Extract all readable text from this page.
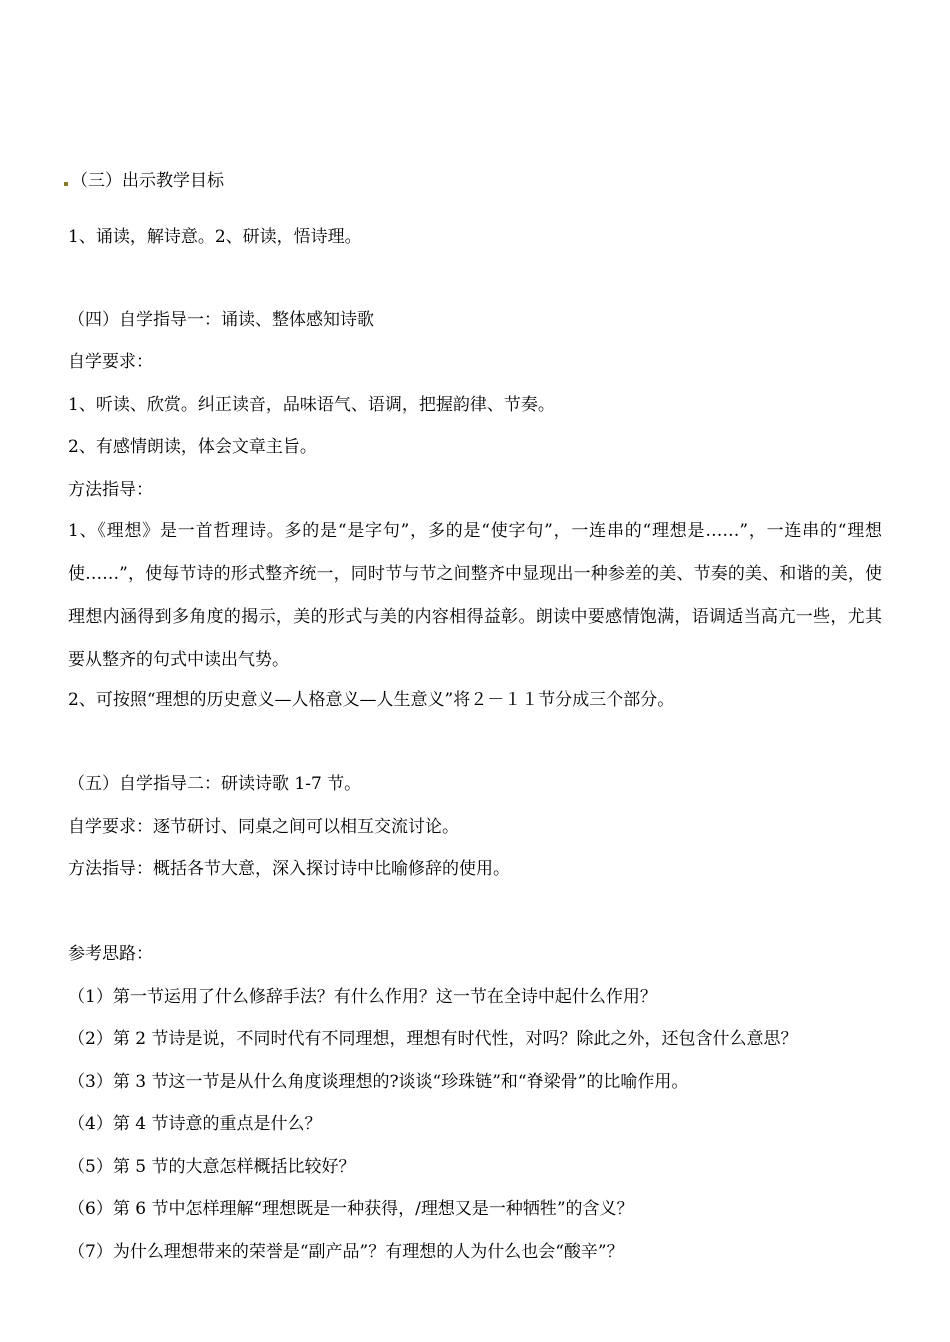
（三）出示教学目标
1、诵读，解诗意。2、研读，悟诗理。
（四）自学指导一：诵读、整体感知诗歌
自学要求：
1、听读、欣赏。纠正读音，品味语气、语调，把握韵律、节奏。
2、有感情朗读，体会文章主旨。
方法指导：
1、《理想》是一首哲理诗。多的是“是字句”，多的是“使字句”，一连串的“理想是……”，一连串的“理想使……”，使每节诗的形式整齐统一，同时节与节之间整齐中显现出一种参差的美、节奏的美、和谐的美，使理想内涵得到多角度的揭示，美的形式与美的内容相得益彰。朗读中要感情饱满，语调适当高亢一些，尤其要从整齐的句式中读出气势。
2、可按照“理想的历史意义—人格意义—人生意义”将２－１１节分成三个部分。
（五）自学指导二：研读诗歌 1-7 节。
自学要求：逐节研讨、同桌之间可以相互交流讨论。
方法指导：概括各节大意，深入探讨诗中比喻修辞的使用。
参考思路：
（1）第一节运用了什么修辞手法？有什么作用？这一节在全诗中起什么作用？
（2）第 2 节诗是说，不同时代有不同理想，理想有时代性，对吗？除此之外，还包含什么意思？
（3）第 3 节这一节是从什么角度谈理想的?谈谈“珍珠链”和“脊梁骨”的比喻作用。
（4）第 4 节诗意的重点是什么？
（5）第 5 节的大意怎样概括比较好？
（6）第 6 节中怎样理解“理想既是一种获得，/理想又是一种牺牲”的含义？
（7）为什么理想带来的荣誉是“副产品”？有理想的人为什么也会“酸辛”？
